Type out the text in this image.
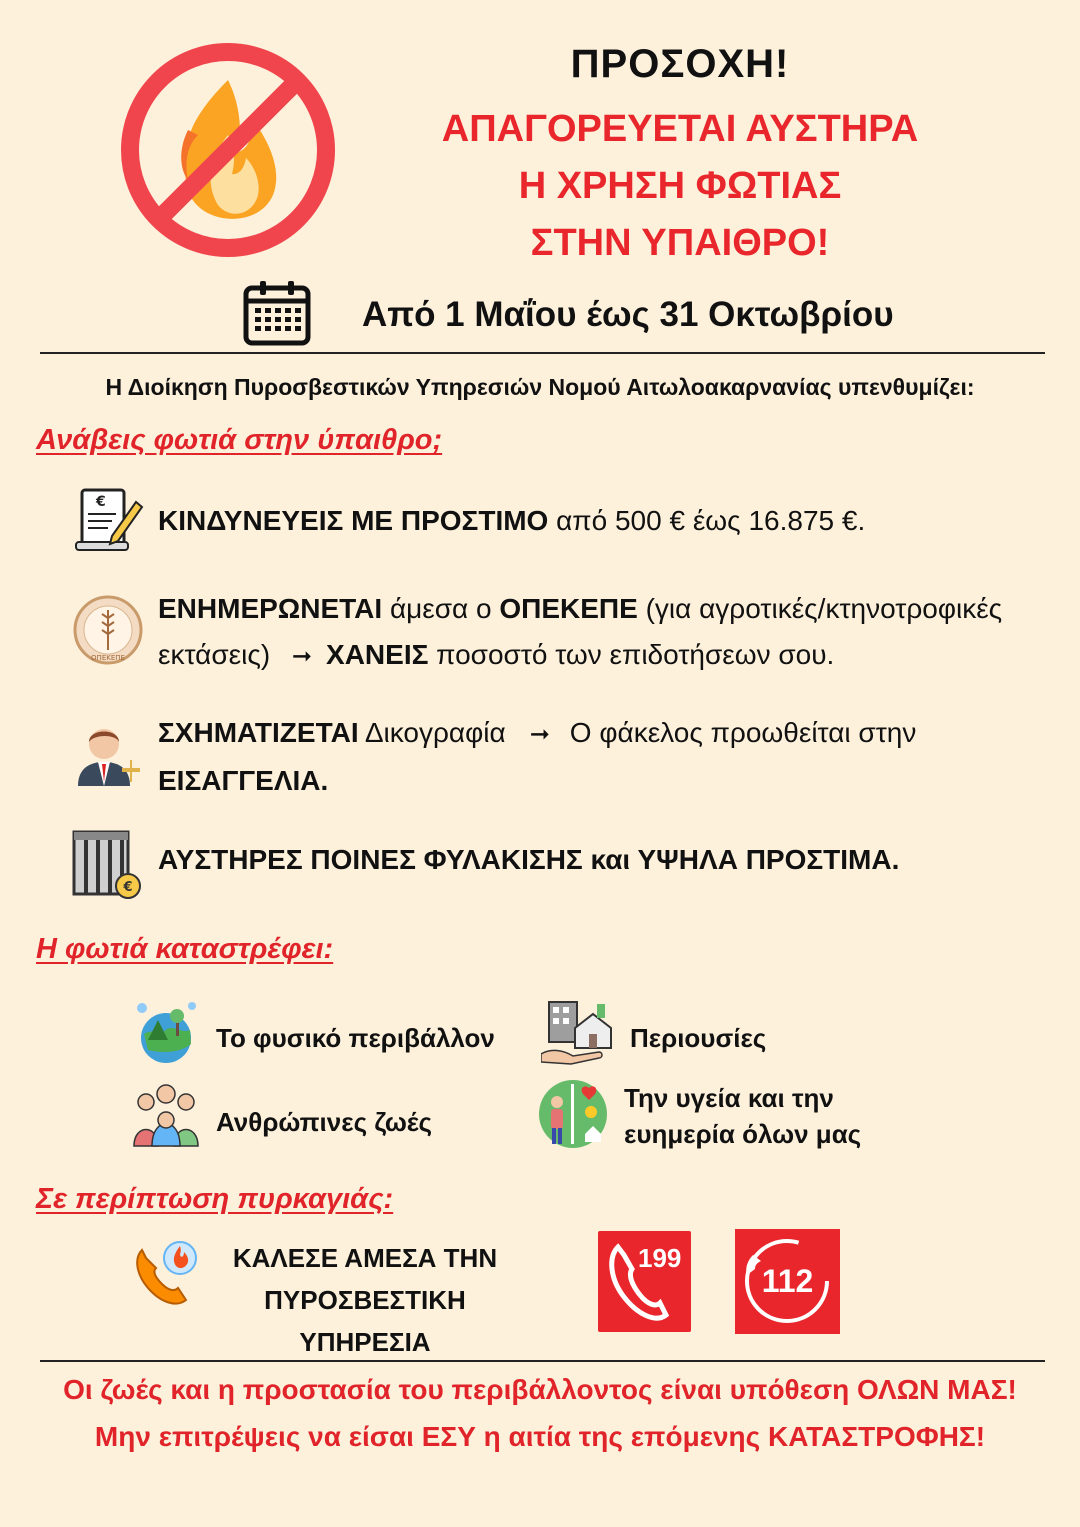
ΠΡΟΣΟΧΗ!
ΑΠΑΓΟΡΕΥΕΤΑΙ ΑΥΣΤΗΡΑ
Η ΧΡΗΣΗ ΦΩΤΙΑΣ
ΣΤΗΝ ΥΠΑΙΘΡΟ!
Από 1 Μαΐου έως 31 Οκτωβρίου
Η Διοίκηση Πυροσβεστικών Υπηρεσιών Νομού Αιτωλοακαρνανίας υπενθυμίζει:
Ανάβεις φωτιά στην ύπαιθρο;
€
ΚΙΝΔΥΝΕΥΕΙΣ ΜΕ ΠΡΟΣΤΙΜΟ από 500 € έως 16.875 €.
ΟΠΕΚΕΠΕ
ΕΝΗΜΕΡΩΝΕΤΑΙ άμεσα ο ΟΠΕΚΕΠΕ (για αγροτικές/κτηνοτροφικές εκτάσεις) ➞ ΧΑΝΕΙΣ ποσοστό των επιδοτήσεων σου.
ΣΧΗΜΑΤΙΖΕΤΑΙ Δικογραφία ➞ Ο φάκελος προωθείται στην
ΕΙΣΑΓΓΕΛΙΑ.
€
ΑΥΣΤΗΡΕΣ ΠΟΙΝΕΣ ΦΥΛΑΚΙΣΗΣ και ΥΨΗΛΑ ΠΡΟΣΤΙΜΑ.
Η φωτιά καταστρέφει:
Το φυσικό περιβάλλον	Περιουσίες
Ανθρώπινες ζωές
Την υγεία και την
ευημερία όλων μας
Σε περίπτωση πυρκαγιάς:
ΚΑΛΕΣΕ ΑΜΕΣΑ ΤΗΝ
ΠΥΡΟΣΒΕΣΤΙΚΗ ΥΠΗΡΕΣΙΑ
199
112
Οι ζωές και η προστασία του περιβάλλοντος είναι υπόθεση ΟΛΩΝ ΜΑΣ!
Μην επιτρέψεις να είσαι ΕΣΥ η αιτία της επόμενης ΚΑΤΑΣΤΡΟΦΗΣ!
